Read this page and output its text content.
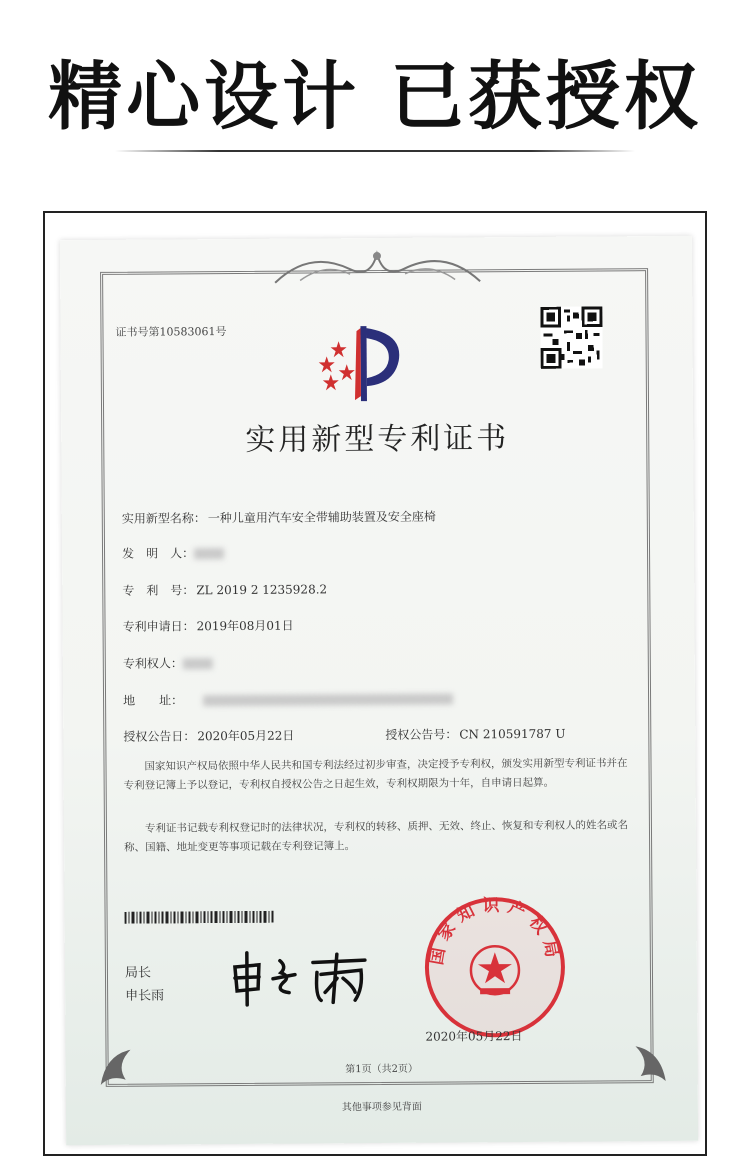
精心设计 已获授权
证书号第10583061号
实用新型专利证书
实用新型名称： 一种儿童用汽车安全带辅助装置及安全座椅
发　明　人：
专　利　号： ZL 2019 2 1235928.2
专利申请日： 2019年08月01日
专利权人：
地　　址：
授权公告日： 2020年05月22日	授权公告号： CN 210591787 U
国家知识产权局依照中华人民共和国专利法经过初步审查，决定授予专利权，颁发实用新型专利证书并在专利登记簿上予以登记，专利权自授权公告之日起生效，专利权期限为十年，自申请日起算。
专利证书记载专利权登记时的法律状况，专利权的转移、质押、无效、终止、恢复和专利权人的姓名或名称、国籍、地址变更等事项记载在专利登记簿上。
局长
申长雨
国家知识产权局
2020年05月22日
第1页（共2页）
其他事项参见背面
